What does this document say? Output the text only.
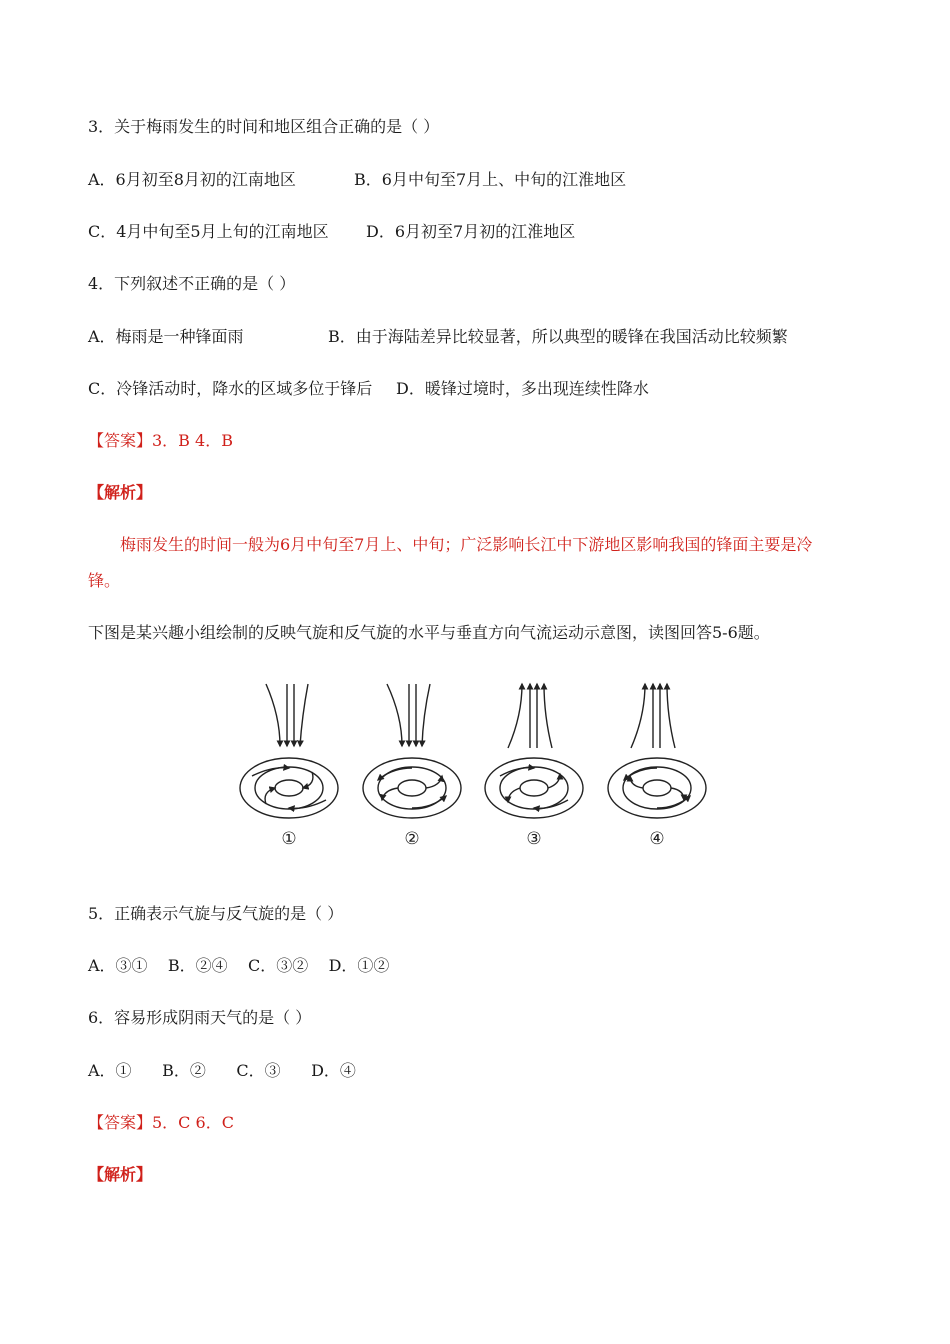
3．关于梅雨发生的时间和地区组合正确的是（ ）
A．6月初至8月初的江南地区	B．6月中旬至7月上、中旬的江淮地区
C．4月中旬至5月上旬的江南地区 D．6月初至7月初的江淮地区
4．下列叙述不正确的是（ ）
A．梅雨是一种锋面雨	B．由于海陆差异比较显著，所以典型的暖锋在我国活动比较频繁
C．冷锋活动时，降水的区域多位于锋后 D．暖锋过境时，多出现连续性降水
【答案】3．B 4．B
【解析】
梅雨发生的时间一般为6月中旬至7月上、中旬；广泛影响长江中下游地区影响我国的锋面主要是冷
锋。
下图是某兴趣小组绘制的反映气旋和反气旋的水平与垂直方向气流运动示意图，读图回答5-6题。
①	②	③	④
5．正确表示气旋与反气旋的是（ ）
A．③①    B．②④    C．③②    D．①②
6．容易形成阴雨天气的是（ ）
A．①      B．②      C．③      D．④
【答案】5．C 6．C
【解析】
